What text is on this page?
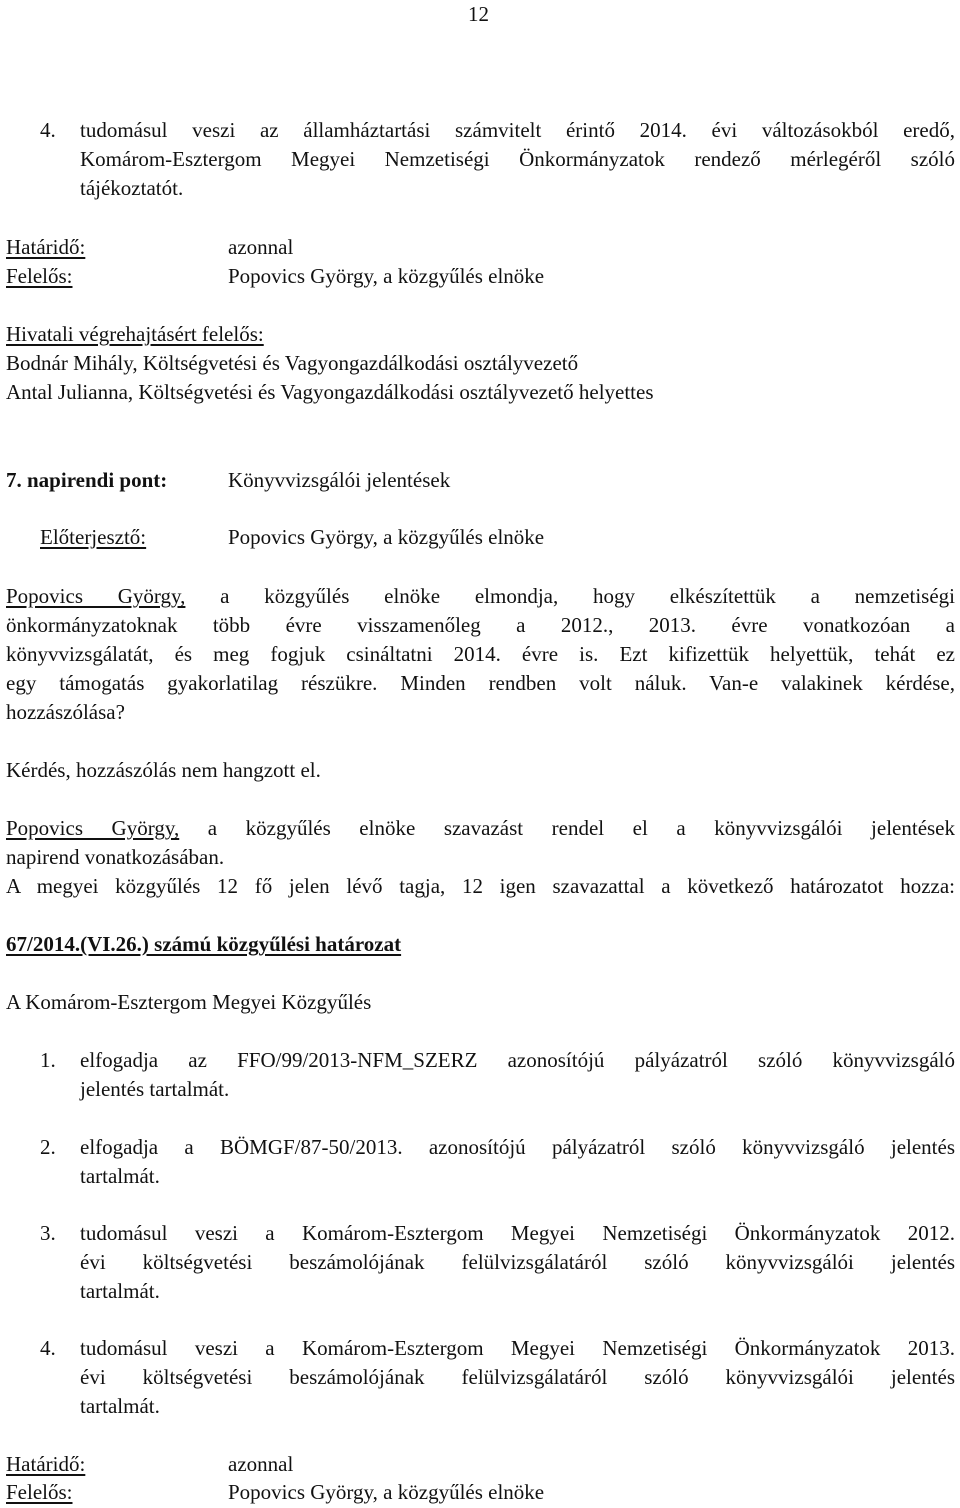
12
4. tudomásul veszi az államháztartási számvitelt érintő 2014. évi változásokból eredő,
Komárom-Esztergom Megyei Nemzetiségi Önkormányzatok rendező mérlegéről szóló
tájékoztatót.
Határidő:	azonnal
Felelős:	Popovics György, a közgyűlés elnöke
Hivatali végrehajtásért felelős:
Bodnár Mihály, Költségvetési és Vagyongazdálkodási osztályvezető
Antal Julianna, Költségvetési és Vagyongazdálkodási osztályvezető helyettes
7. napirendi pont:	Könyvvizsgálói jelentések
Előterjesztő:	Popovics György, a közgyűlés elnöke
Popovics György, a közgyűlés elnöke elmondja, hogy elkészítettük a nemzetiségi
önkormányzatoknak több évre visszamenőleg a 2012., 2013. évre vonatkozóan a
könyvvizsgálatát, és meg fogjuk csináltatni 2014. évre is. Ezt kifizettük helyettük, tehát ez
egy támogatás gyakorlatilag részükre. Minden rendben volt náluk. Van-e valakinek kérdése,
hozzászólása?
Kérdés, hozzászólás nem hangzott el.
Popovics György, a közgyűlés elnöke szavazást rendel el a könyvvizsgálói jelentések
napirend vonatkozásában.
A megyei közgyűlés 12 fő jelen lévő tagja, 12 igen szavazattal a következő határozatot hozza:
67/2014.(VI.26.) számú közgyűlési határozat
A Komárom-Esztergom Megyei Közgyűlés
1. elfogadja az FFO/99/2013-NFM_SZERZ azonosítójú pályázatról szóló könyvvizsgáló
jelentés tartalmát.
2. elfogadja a BÖMGF/87-50/2013. azonosítójú pályázatról szóló könyvvizsgáló jelentés
tartalmát.
3. tudomásul veszi a Komárom-Esztergom Megyei Nemzetiségi Önkormányzatok 2012.
évi költségvetési beszámolójának felülvizsgálatáról szóló könyvvizsgálói jelentés
tartalmát.
4. tudomásul veszi a Komárom-Esztergom Megyei Nemzetiségi Önkormányzatok 2013.
évi költségvetési beszámolójának felülvizsgálatáról szóló könyvvizsgálói jelentés
tartalmát.
Határidő:	azonnal
Felelős:	Popovics György, a közgyűlés elnöke
